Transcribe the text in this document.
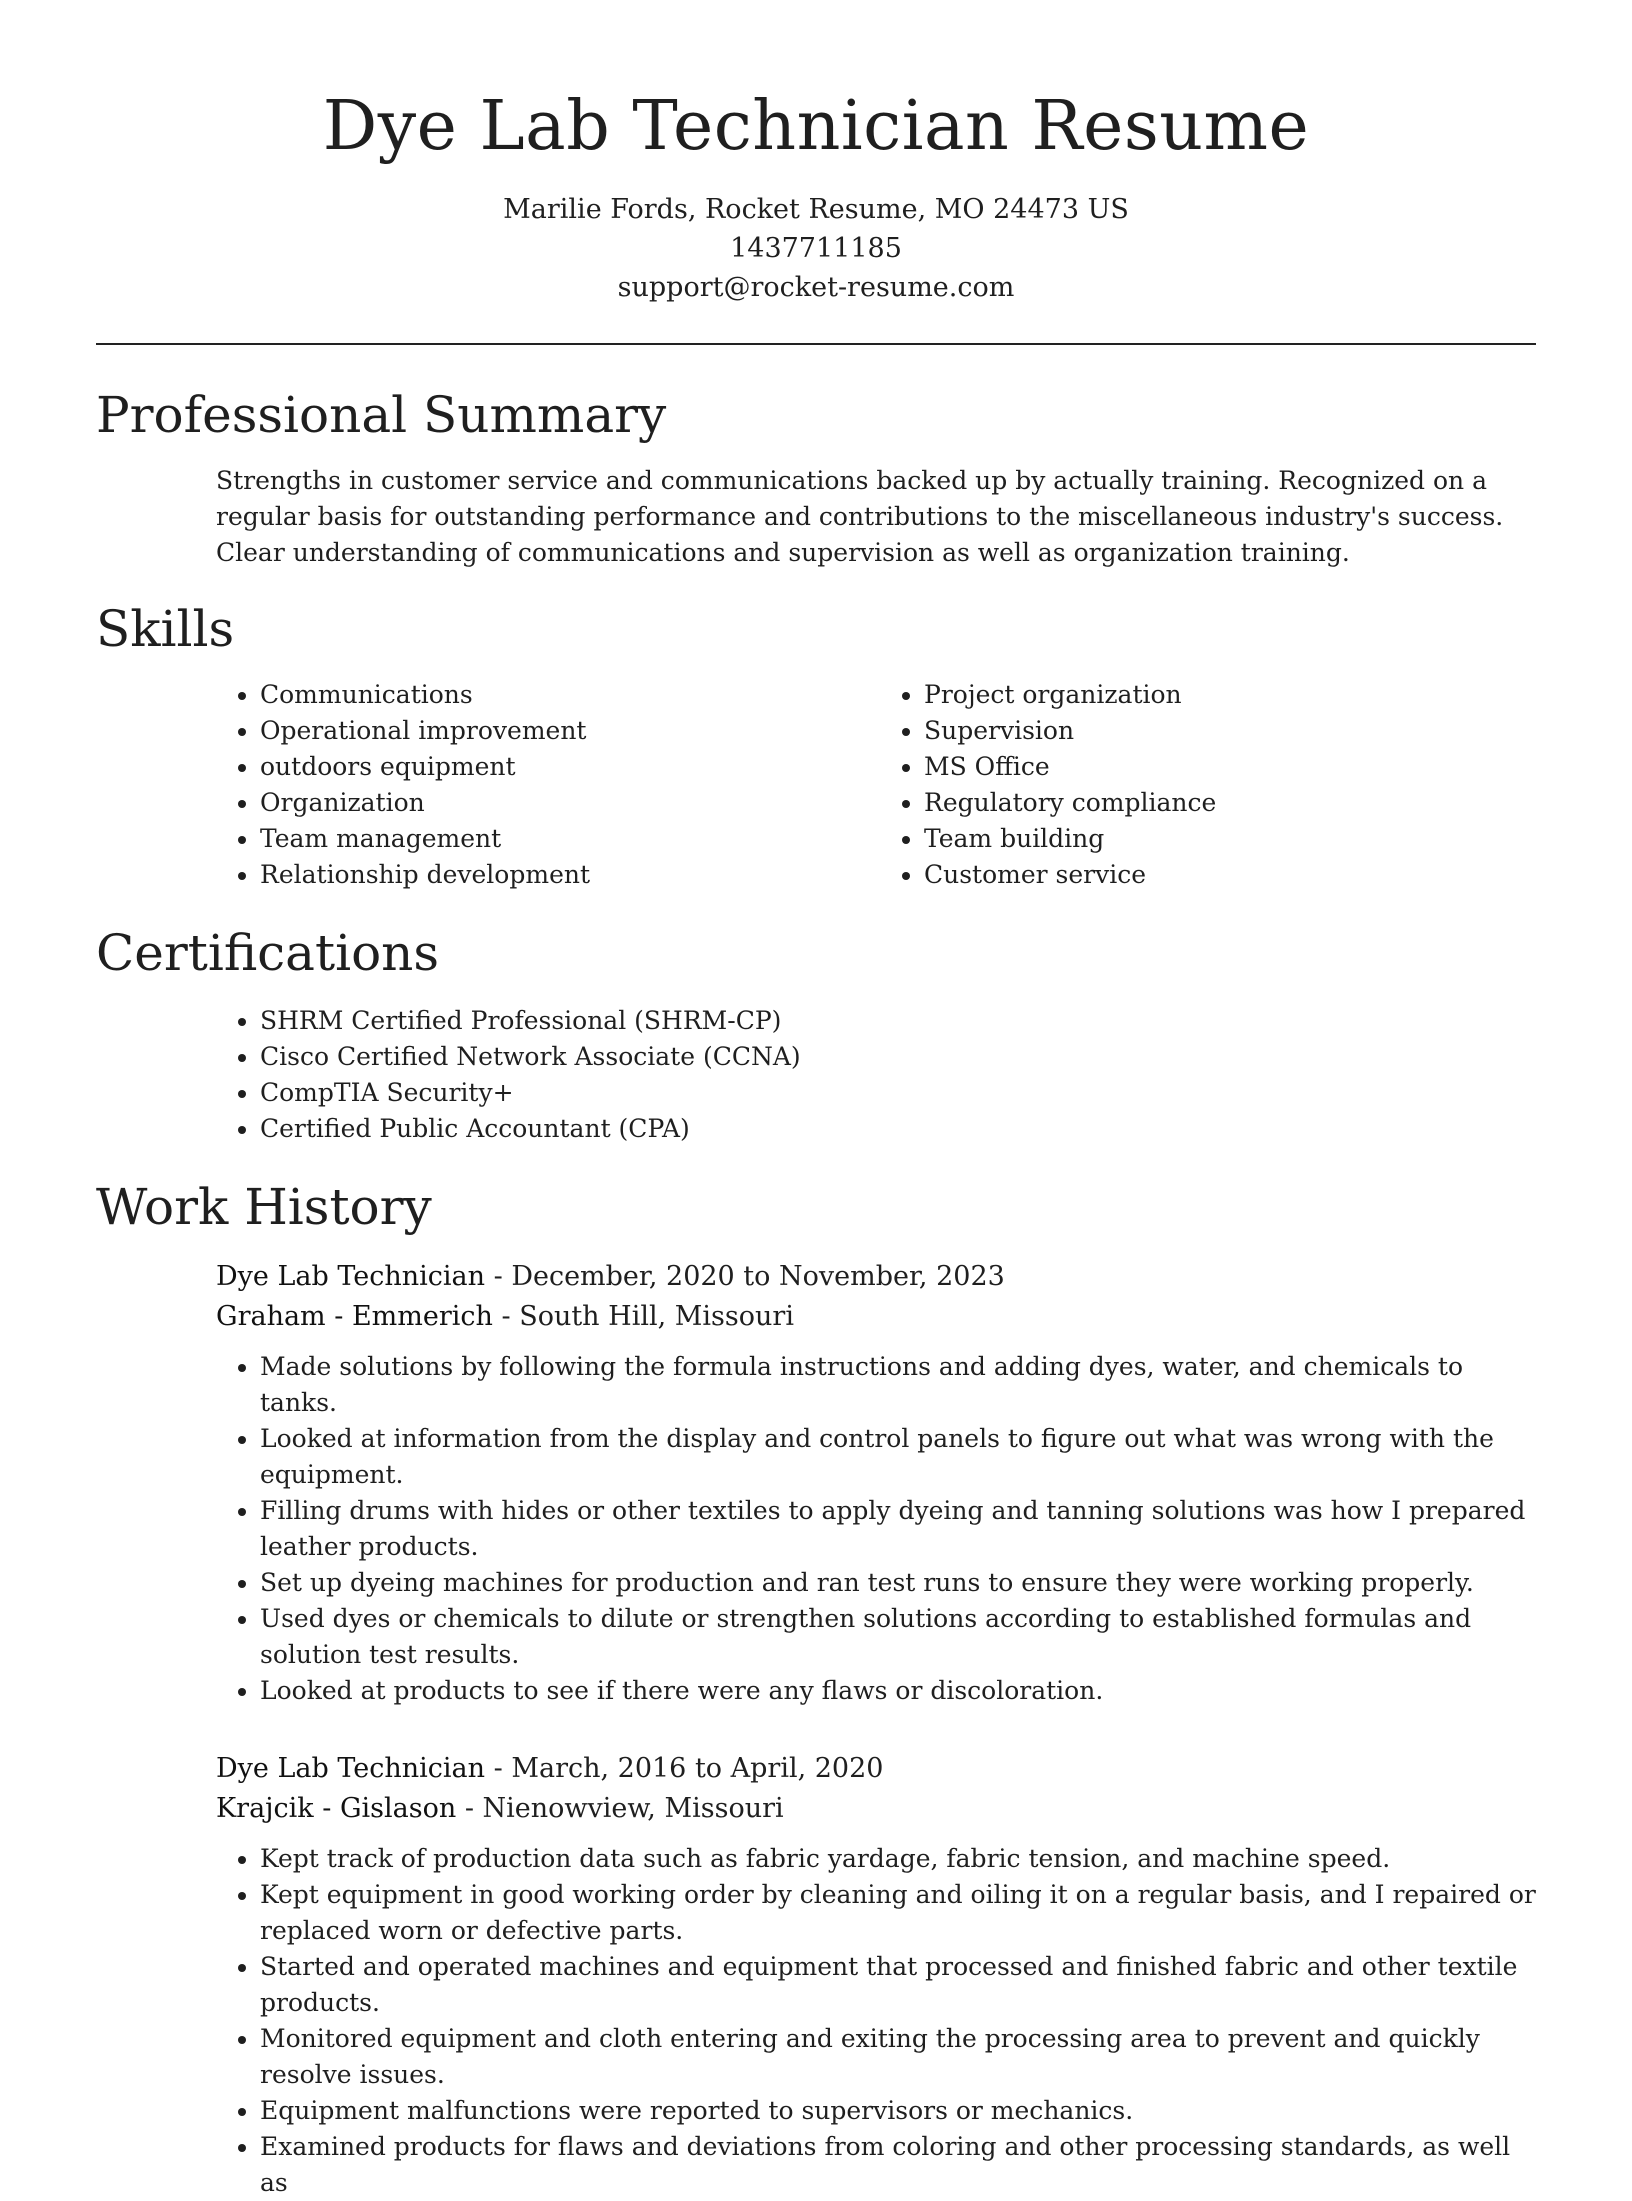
Dye Lab Technician Resume
Marilie Fords, Rocket Resume, MO 24473 US
1437711185
support@rocket-resume.com
Professional Summary

Strengths in customer service and communications backed up by actually training. Recognized on a regular basis for outstanding performance and contributions to the miscellaneous industry's success. Clear understanding of communications and supervision as well as organization training.

Skills
• Communications
• Operational improvement
• outdoors equipment
• Organization
• Team management
• Relationship development
• Project organization
• Supervision
• MS Office
• Regulatory compliance
• Team building
• Customer service
Certifications
• SHRM Certified Professional (SHRM-CP)
• Cisco Certified Network Associate (CCNA)
• CompTIA Security+
• Certified Public Accountant (CPA)
Work History
Dye Lab Technician - December, 2020 to November, 2023
Graham - Emmerich - South Hill, Missouri
• Made solutions by following the formula instructions and adding dyes, water, and chemicals to tanks.
• Looked at information from the display and control panels to figure out what was wrong with the equipment.
• Filling drums with hides or other textiles to apply dyeing and tanning solutions was how I prepared leather products.
• Set up dyeing machines for production and ran test runs to ensure they were working properly.
• Used dyes or chemicals to dilute or strengthen solutions according to established formulas and solution test results.
• Looked at products to see if there were any flaws or discoloration.
Dye Lab Technician - March, 2016 to April, 2020
Krajcik - Gislason - Nienowview, Missouri
• Kept track of production data such as fabric yardage, fabric tension, and machine speed.
• Kept equipment in good working order by cleaning and oiling it on a regular basis, and I repaired or replaced worn or defective parts.
• Started and operated machines and equipment that processed and finished fabric and other textile products.
• Monitored equipment and cloth entering and exiting the processing area to prevent and quickly resolve issues.
• Equipment malfunctions were reported to supervisors or mechanics.
• Examined products for flaws and deviations from coloring and other processing standards, as well as
